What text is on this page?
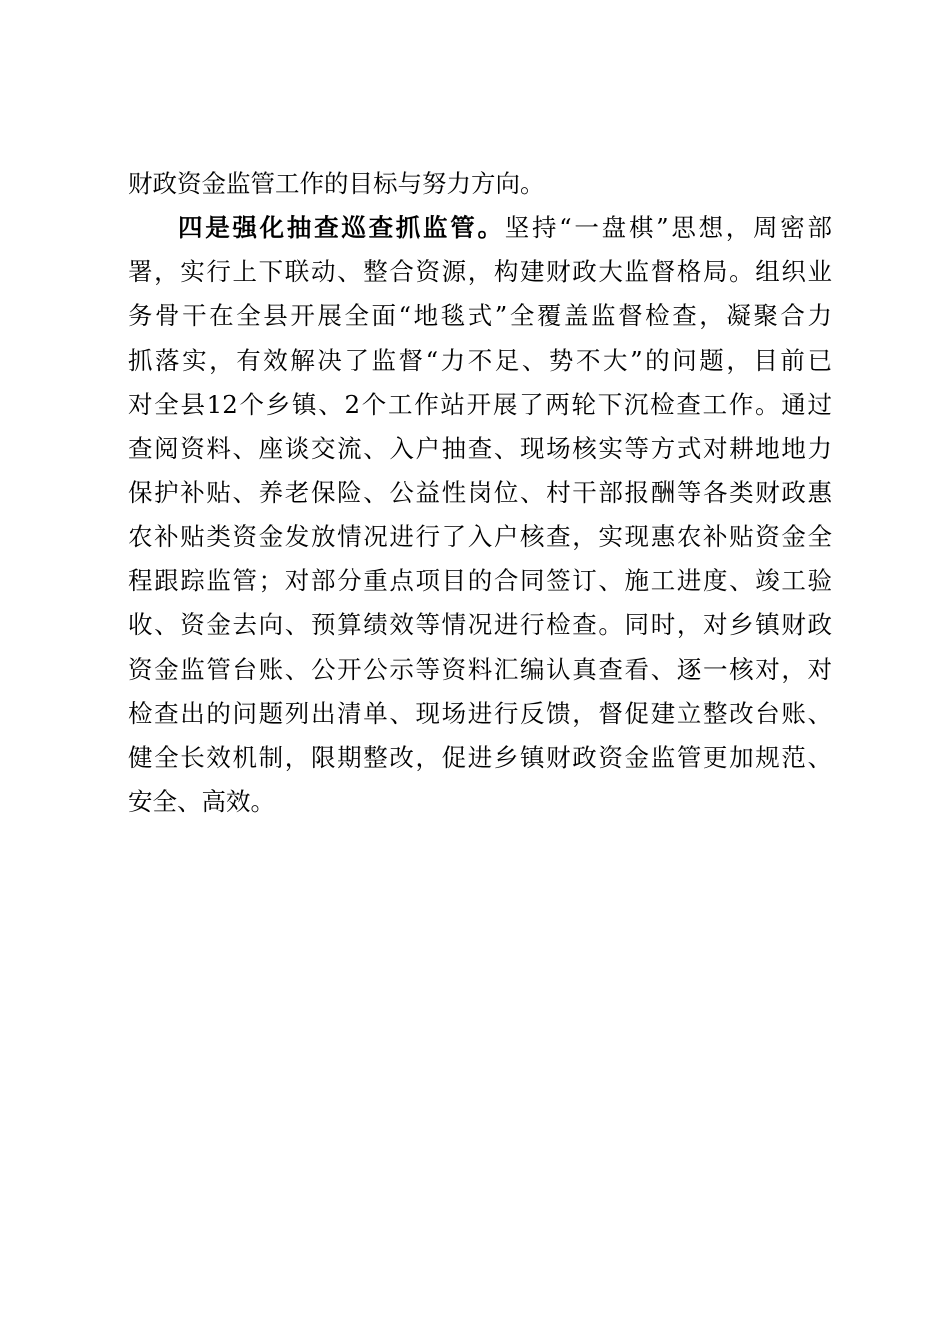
财政资金监管工作的目标与努力方向。
四是强化抽查巡查抓监管。坚持“一盘棋”思想，周密部
署，实行上下联动、整合资源，构建财政大监督格局。组织业
务骨干在全县开展全面“地毯式”全覆盖监督检查，凝聚合力
抓落实，有效解决了监督“力不足、势不大”的问题，目前已
对全县12个乡镇、2个工作站开展了两轮下沉检查工作。通过
查阅资料、座谈交流、入户抽查、现场核实等方式对耕地地力
保护补贴、养老保险、公益性岗位、村干部报酬等各类财政惠
农补贴类资金发放情况进行了入户核查，实现惠农补贴资金全
程跟踪监管；对部分重点项目的合同签订、施工进度、竣工验
收、资金去向、预算绩效等情况进行检查。同时，对乡镇财政
资金监管台账、公开公示等资料汇编认真查看、逐一核对，对
检查出的问题列出清单、现场进行反馈，督促建立整改台账、
健全长效机制，限期整改，促进乡镇财政资金监管更加规范、
安全、高效。
